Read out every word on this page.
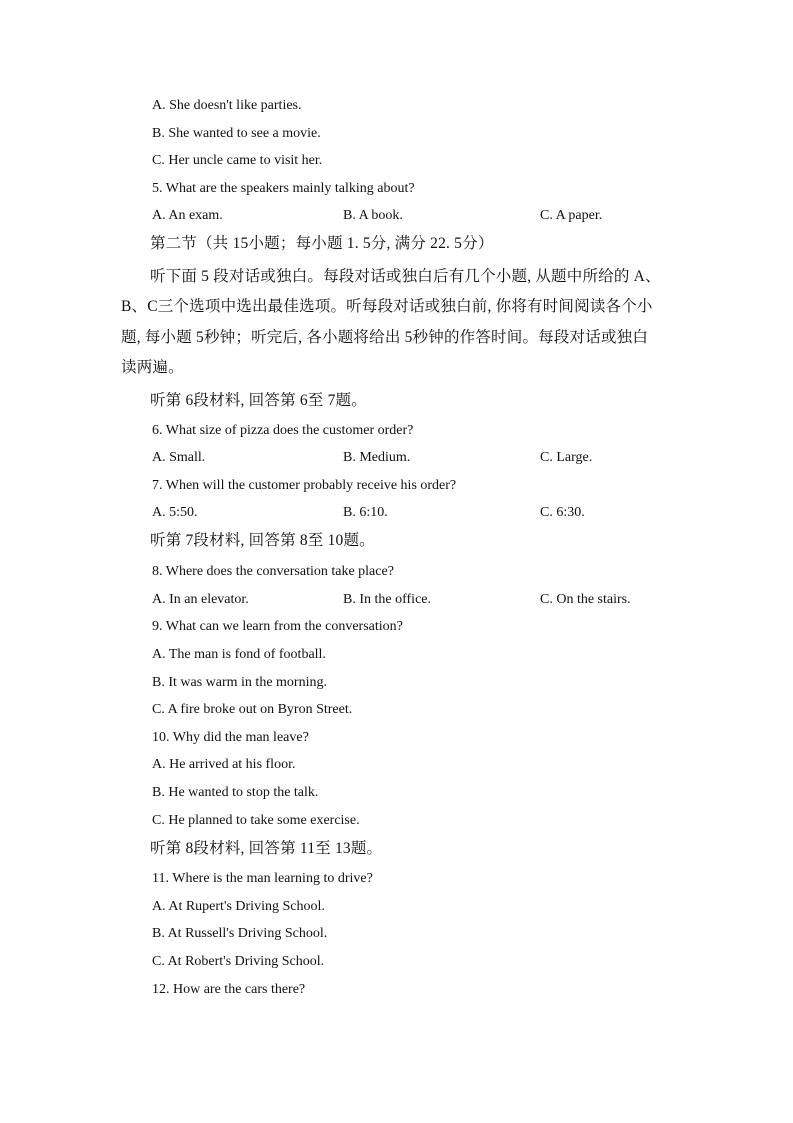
A. She doesn't like parties.
B. She wanted to see a movie.
C. Her uncle came to visit her.
5. What are the speakers mainly talking about?
A. An exam.	B. A book.	C. A paper.
第二节（共 15小题；每小题 1. 5分, 满分 22. 5分）
听下面 5 段对话或独白。每段对话或独白后有几个小题, 从题中所给的 A、
B、C三个选项中选出最佳选项。听每段对话或独白前, 你将有时间阅读各个小
题, 每小题 5秒钟；听完后, 各小题将给出 5秒钟的作答时间。每段对话或独白
读两遍。
听第 6段材料, 回答第 6至 7题。
6. What size of pizza does the customer order?
A. Small.	B. Medium.	C. Large.
7. When will the customer probably receive his order?
A. 5:50.	B. 6:10.	C. 6:30.
听第 7段材料, 回答第 8至 10题。
8. Where does the conversation take place?
A. In an elevator.	B. In the office.	C. On the stairs.
9. What can we learn from the conversation?
A. The man is fond of football.
B. It was warm in the morning.
C. A fire broke out on Byron Street.
10. Why did the man leave?
A. He arrived at his floor.
B. He wanted to stop the talk.
C. He planned to take some exercise.
听第 8段材料, 回答第 11至 13题。
11. Where is the man learning to drive?
A. At Rupert's Driving School.
B. At Russell's Driving School.
C. At Robert's Driving School.
12. How are the cars there?
